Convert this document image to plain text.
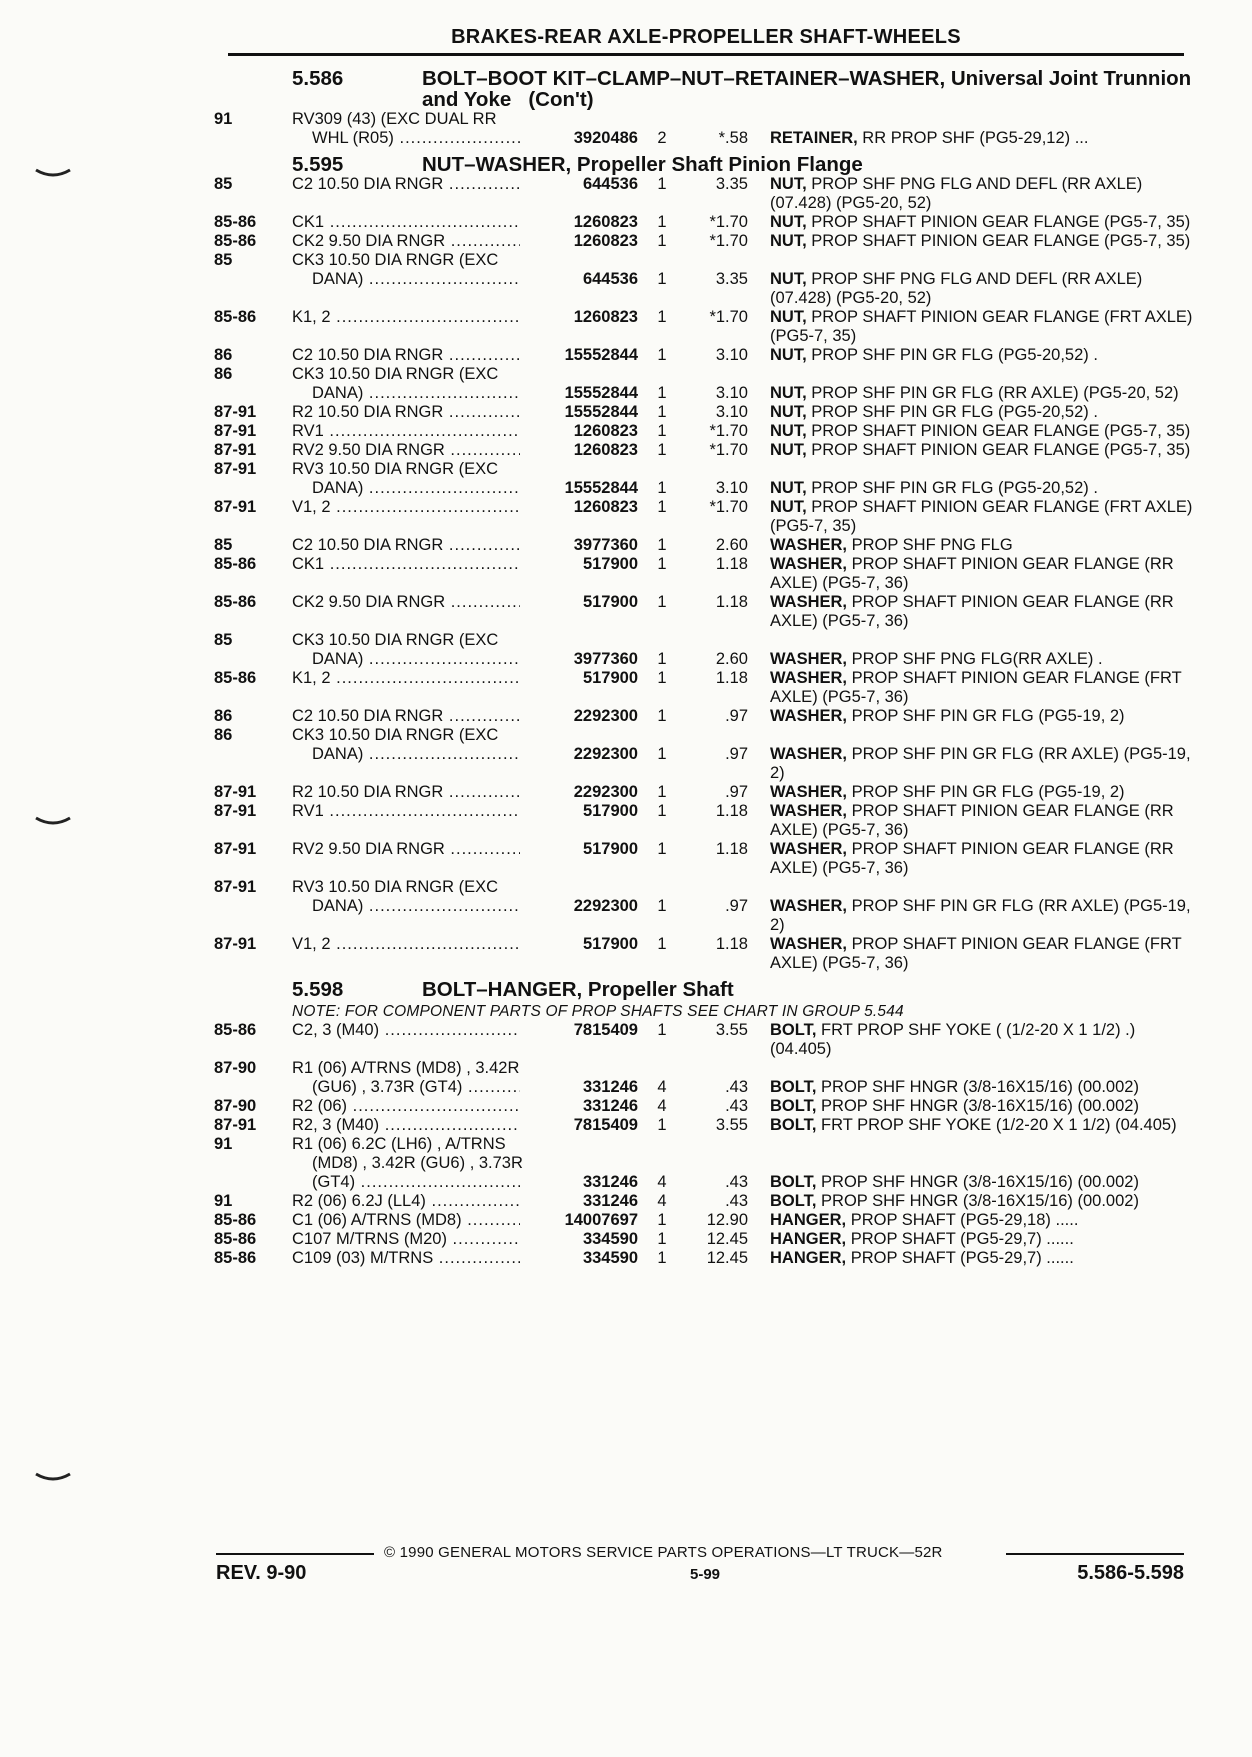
BRAKES-REAR AXLE-PROPELLER SHAFT-WHEELS
5.586	BOLT–BOOT KIT–CLAMP–NUT–RETAINER–WASHER, Universal Joint Trunnion and Yoke (Con't)
91	RV309 (43) (EXC DUAL RR
WHL (R05) .....	3920486	2	*.58	RETAINER, RR PROP SHF (PG5-29,12) ...
5.595	NUT–WASHER, Propeller Shaft Pinion Flange
85	C2 10.50 DIA RNGR .....	644536	1	3.35	NUT, PROP SHF PNG FLG AND DEFL (RR AXLE) (07.428) (PG5-20, 52)
85-86	CK1 .....	1260823	1	*1.70	NUT, PROP SHAFT PINION GEAR FLANGE (PG5-7, 35)
85-86	CK2 9.50 DIA RNGR .....	1260823	1	*1.70	NUT, PROP SHAFT PINION GEAR FLANGE (PG5-7, 35)
85	CK3 10.50 DIA RNGR (EXC
DANA) .....	644536	1	3.35	NUT, PROP SHF PNG FLG AND DEFL (RR AXLE) (07.428) (PG5-20, 52)
85-86	K1, 2 .....	1260823	1	*1.70	NUT, PROP SHAFT PINION GEAR FLANGE (FRT AXLE) (PG5-7, 35)
86	C2 10.50 DIA RNGR .....	15552844	1	3.10	NUT, PROP SHF PIN GR FLG (PG5-20,52) .
86	CK3 10.50 DIA RNGR (EXC
DANA) .....	15552844	1	3.10	NUT, PROP SHF PIN GR FLG (RR AXLE) (PG5-20, 52)
87-91	R2 10.50 DIA RNGR .....	15552844	1	3.10	NUT, PROP SHF PIN GR FLG (PG5-20,52) .
87-91	RV1 .....	1260823	1	*1.70	NUT, PROP SHAFT PINION GEAR FLANGE (PG5-7, 35)
87-91	RV2 9.50 DIA RNGR .....	1260823	1	*1.70	NUT, PROP SHAFT PINION GEAR FLANGE (PG5-7, 35)
87-91	RV3 10.50 DIA RNGR (EXC
DANA) .....	15552844	1	3.10	NUT, PROP SHF PIN GR FLG (PG5-20,52) .
87-91	V1, 2 .....	1260823	1	*1.70	NUT, PROP SHAFT PINION GEAR FLANGE (FRT AXLE) (PG5-7, 35)
85	C2 10.50 DIA RNGR .....	3977360	1	2.60	WASHER, PROP SHF PNG FLG
85-86	CK1 .....	517900	1	1.18	WASHER, PROP SHAFT PINION GEAR FLANGE (RR AXLE) (PG5-7, 36)
85-86	CK2 9.50 DIA RNGR .....	517900	1	1.18	WASHER, PROP SHAFT PINION GEAR FLANGE (RR AXLE) (PG5-7, 36)
85	CK3 10.50 DIA RNGR (EXC
DANA) .....	3977360	1	2.60	WASHER, PROP SHF PNG FLG(RR AXLE) .
85-86	K1, 2 .....	517900	1	1.18	WASHER, PROP SHAFT PINION GEAR FLANGE (FRT AXLE) (PG5-7, 36)
86	C2 10.50 DIA RNGR .....	2292300	1	.97	WASHER, PROP SHF PIN GR FLG (PG5-19, 2)
86	CK3 10.50 DIA RNGR (EXC
DANA) .....	2292300	1	.97	WASHER, PROP SHF PIN GR FLG (RR AXLE) (PG5-19, 2)
87-91	R2 10.50 DIA RNGR .....	2292300	1	.97	WASHER, PROP SHF PIN GR FLG (PG5-19, 2)
87-91	RV1 .....	517900	1	1.18	WASHER, PROP SHAFT PINION GEAR FLANGE (RR AXLE) (PG5-7, 36)
87-91	RV2 9.50 DIA RNGR .....	517900	1	1.18	WASHER, PROP SHAFT PINION GEAR FLANGE (RR AXLE) (PG5-7, 36)
87-91	RV3 10.50 DIA RNGR (EXC
DANA) .....	2292300	1	.97	WASHER, PROP SHF PIN GR FLG (RR AXLE) (PG5-19, 2)
87-91	V1, 2 .....	517900	1	1.18	WASHER, PROP SHAFT PINION GEAR FLANGE (FRT AXLE) (PG5-7, 36)
5.598	BOLT–HANGER, Propeller Shaft
NOTE: FOR COMPONENT PARTS OF PROP SHAFTS SEE CHART IN GROUP 5.544
85-86	C2, 3 (M40) .....	7815409	1	3.55	BOLT, FRT PROP SHF YOKE ( (1/2-20 X 1 1/2) .) (04.405)
87-90	R1 (06) A/TRNS (MD8) , 3.42R
(GU6) , 3.73R (GT4) .....	331246	4	.43	BOLT, PROP SHF HNGR (3/8-16X15/16) (00.002)
87-90	R2 (06) .....	331246	4	.43	BOLT, PROP SHF HNGR (3/8-16X15/16) (00.002)
87-91	R2, 3 (M40) .....	7815409	1	3.55	BOLT, FRT PROP SHF YOKE (1/2-20 X 1 1/2) (04.405)
91	R1 (06) 6.2C (LH6) , A/TRNS
(MD8) , 3.42R (GU6) , 3.73R
(GT4) .....	331246	4	.43	BOLT, PROP SHF HNGR (3/8-16X15/16) (00.002)
91	R2 (06) 6.2J (LL4) .....	331246	4	.43	BOLT, PROP SHF HNGR (3/8-16X15/16) (00.002)
85-86	C1 (06) A/TRNS (MD8) .....	14007697	1	12.90	HANGER, PROP SHAFT (PG5-29,18) .....
85-86	C107 M/TRNS (M20) .....	334590	1	12.45	HANGER, PROP SHAFT (PG5-29,7) ......
85-86	C109 (03) M/TRNS .....	334590	1	12.45	HANGER, PROP SHAFT (PG5-29,7) ......
© 1990 GENERAL MOTORS SERVICE PARTS OPERATIONS—LT TRUCK—52R
REV. 9-90	5-99	5.586-5.598
